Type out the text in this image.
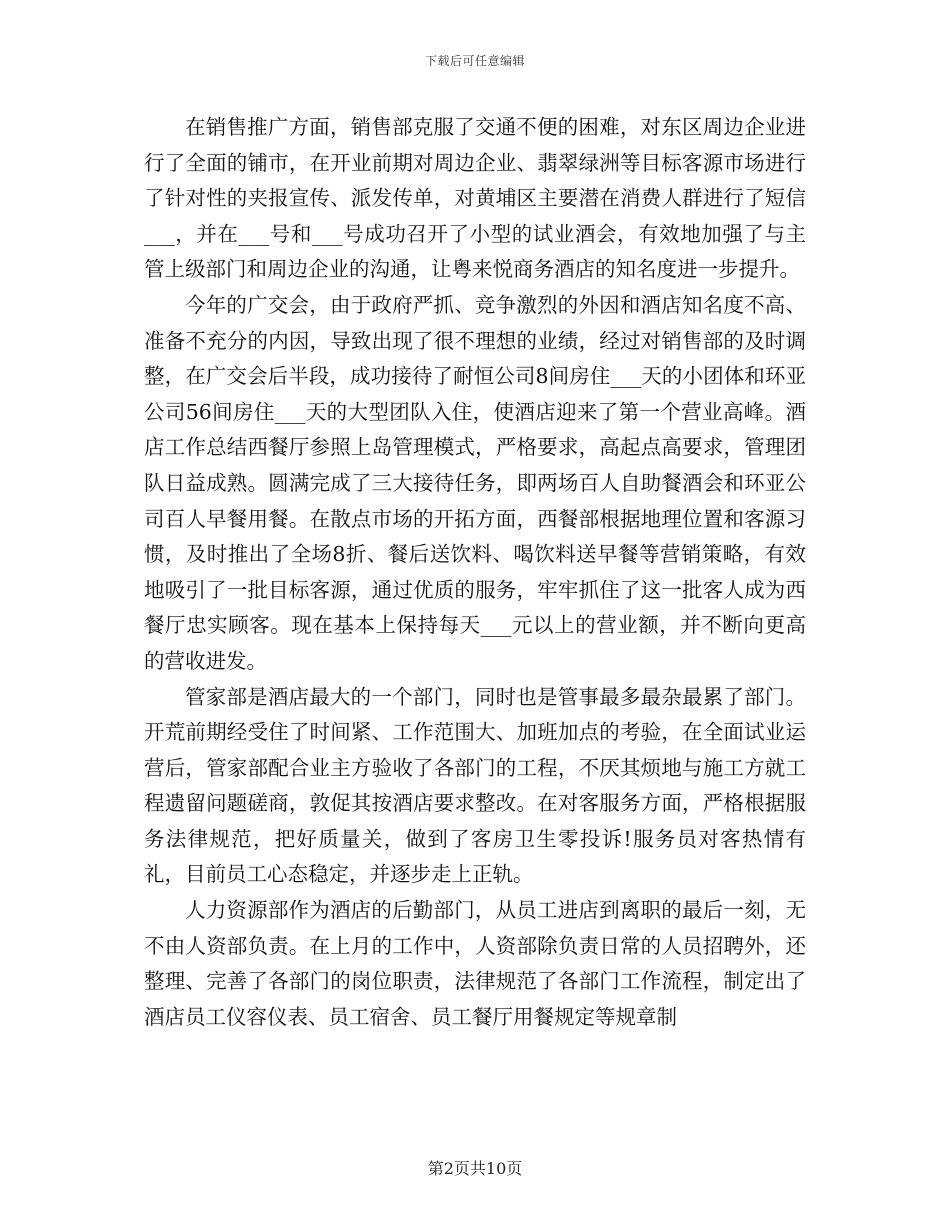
下载后可任意编辑

在销售推广方面，销售部克服了交通不便的困难，对东区周边企业进行了全面的铺市，在开业前期对周边企业、翡翠绿洲等目标客源市场进行了针对性的夹报宣传、派发传单，对黄埔区主要潜在消费人群进行了短信___，并在___号和___号成功召开了小型的试业酒会，有效地加强了与主管上级部门和周边企业的沟通，让粤来悦商务酒店的知名度进一步提升。

今年的广交会，由于政府严抓、竞争激烈的外因和酒店知名度不高、准备不充分的内因，导致出现了很不理想的业绩，经过对销售部的及时调整，在广交会后半段，成功接待了耐恒公司8间房住___天的小团体和环亚公司56间房住___天的大型团队入住，使酒店迎来了第一个营业高峰。酒店工作总结西餐厅参照上岛管理模式，严格要求，高起点高要求，管理团队日益成熟。圆满完成了三大接待任务，即两场百人自助餐酒会和环亚公司百人早餐用餐。在散点市场的开拓方面，西餐部根据地理位置和客源习惯，及时推出了全场8折、餐后送饮料、喝饮料送早餐等营销策略，有效地吸引了一批目标客源，通过优质的服务，牢牢抓住了这一批客人成为西餐厅忠实顾客。现在基本上保持每天___元以上的营业额，并不断向更高的营收进发。

管家部是酒店最大的一个部门，同时也是管事最多最杂最累了部门。开荒前期经受住了时间紧、工作范围大、加班加点的考验，在全面试业运营后，管家部配合业主方验收了各部门的工程，不厌其烦地与施工方就工程遗留问题磋商，敦促其按酒店要求整改。在对客服务方面，严格根据服务法律规范，把好质量关，做到了客房卫生零投诉!服务员对客热情有礼，目前员工心态稳定，并逐步走上正轨。

人力资源部作为酒店的后勤部门，从员工进店到离职的最后一刻，无不由人资部负责。在上月的工作中，人资部除负责日常的人员招聘外，还整理、完善了各部门的岗位职责，法律规范了各部门工作流程，制定出了酒店员工仪容仪表、员工宿舍、员工餐厅用餐规定等规章制

第2页共10页
